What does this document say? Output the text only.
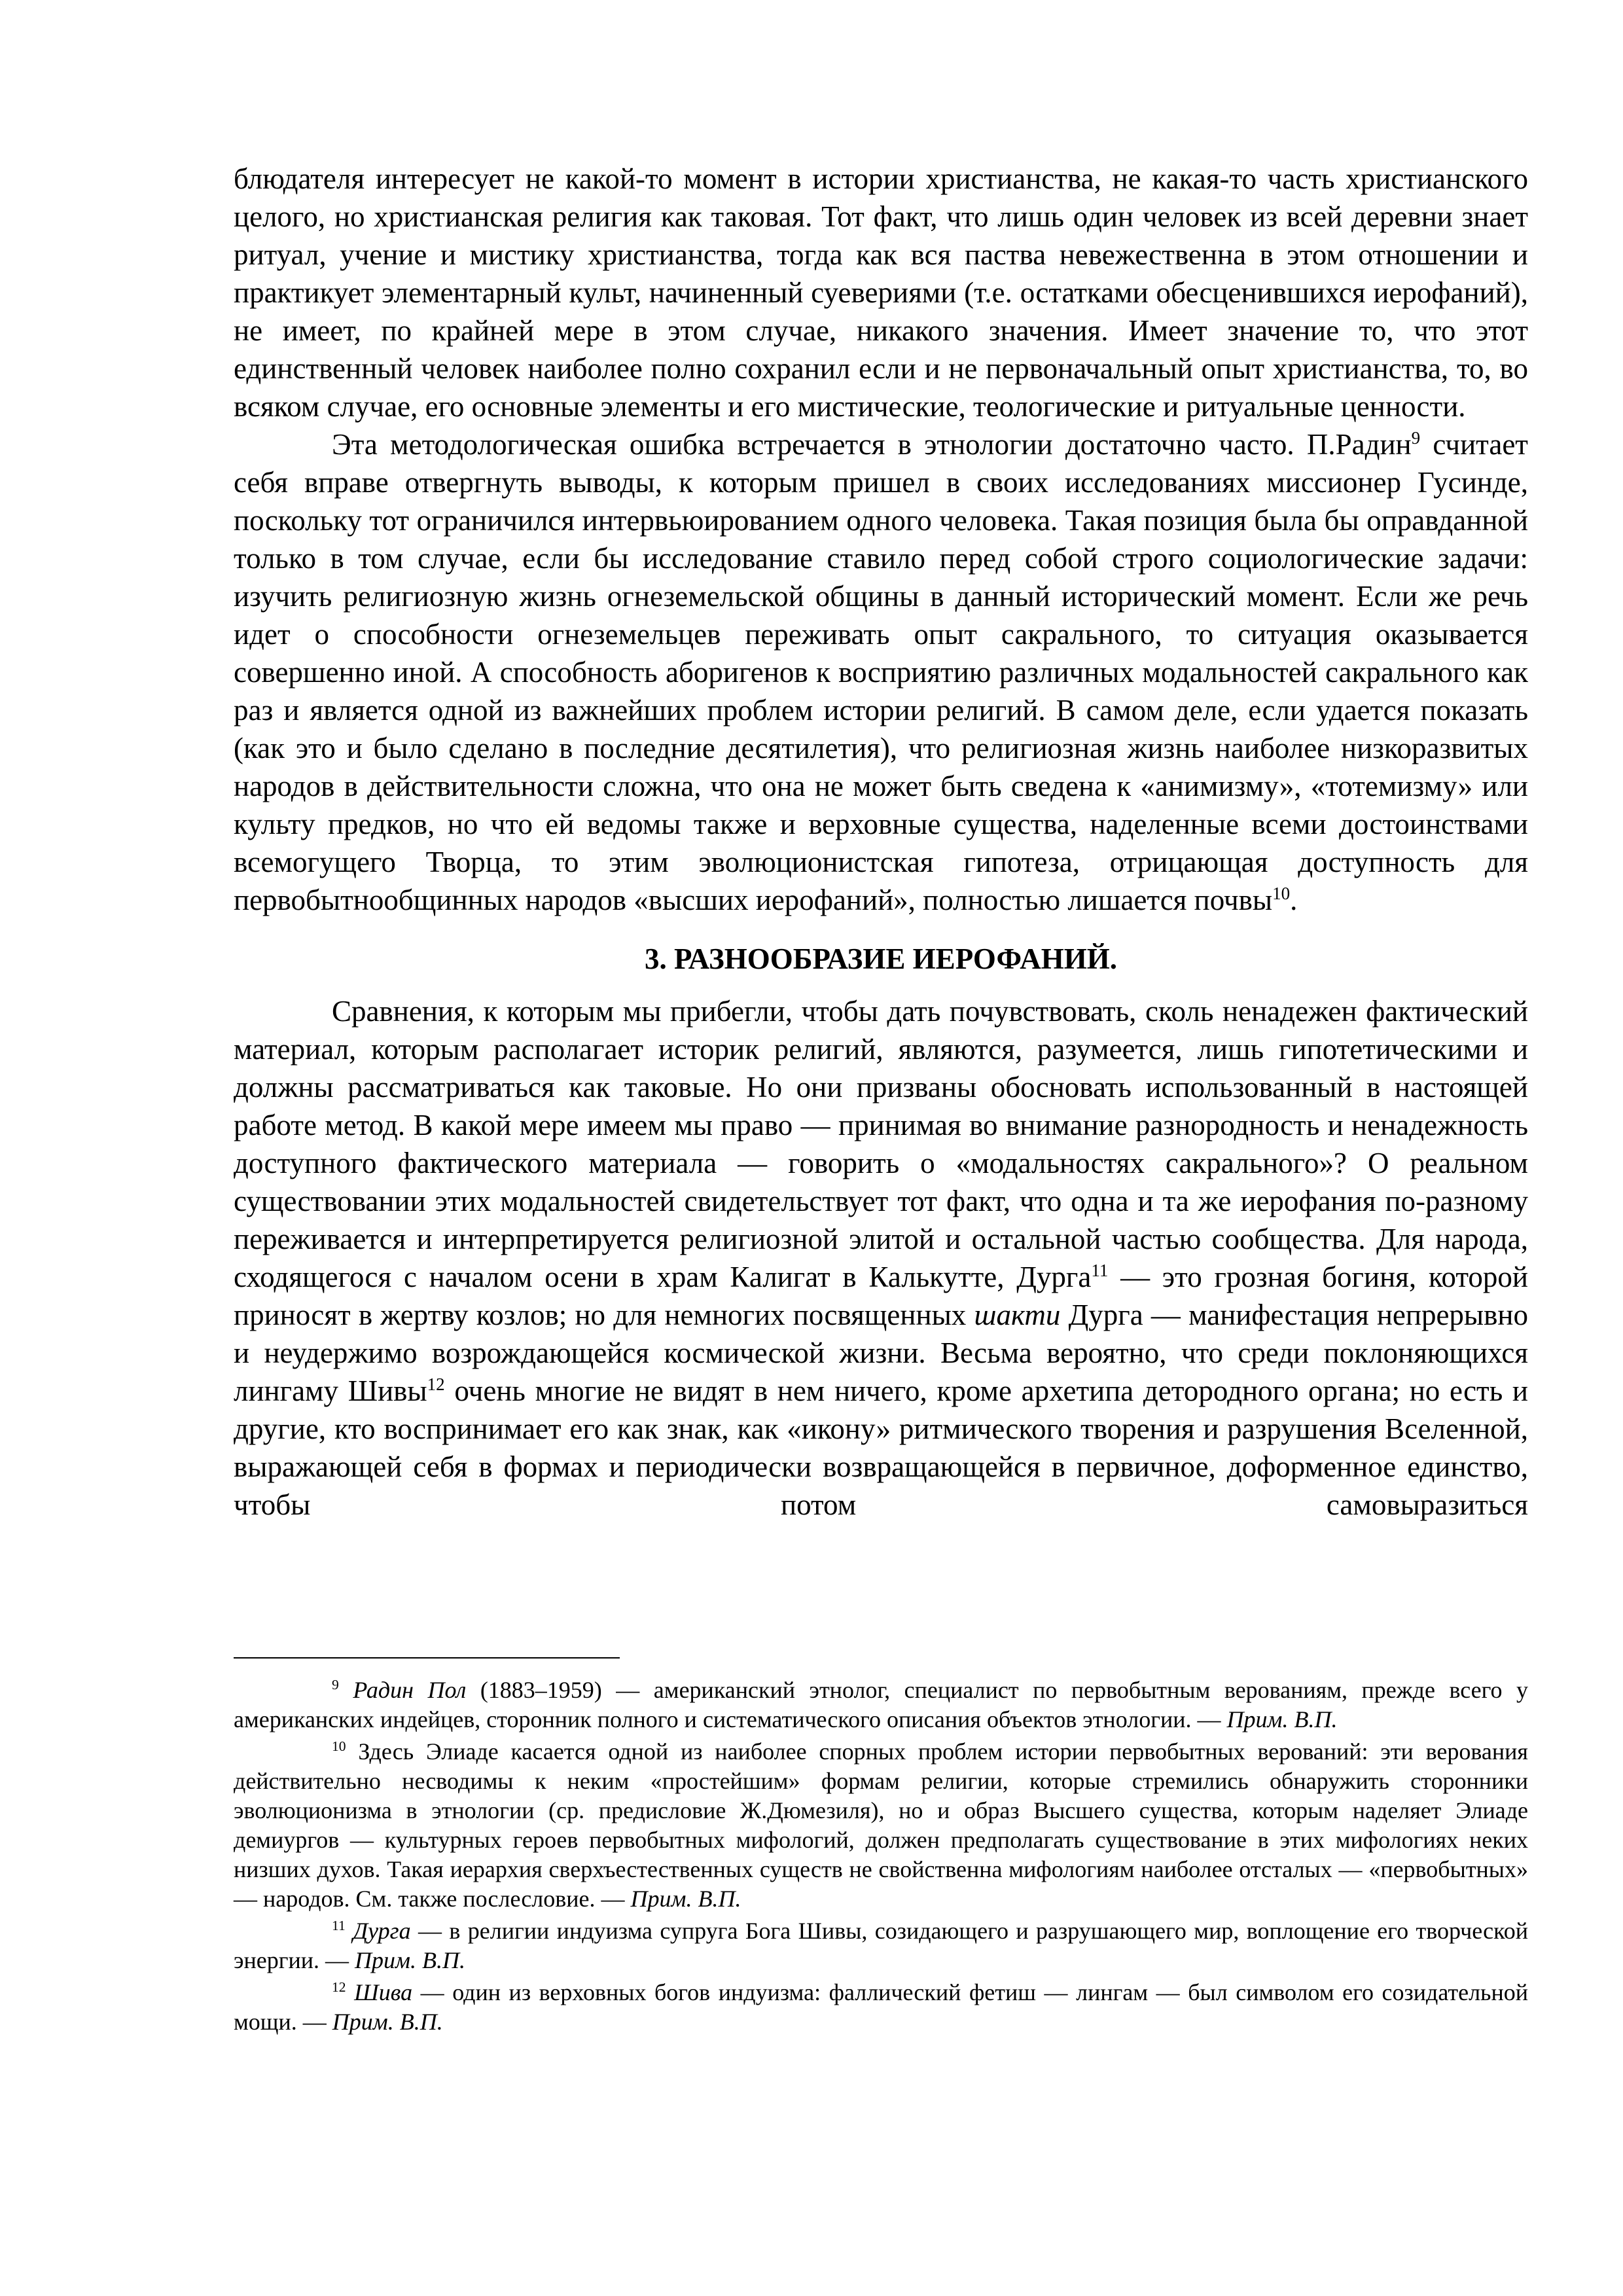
блюдателя интересует не какой-то момент в истории христианства, не какая-то часть христианского целого, но христианская религия как таковая. Тот факт, что лишь один человек из всей деревни знает ритуал, учение и мистику христианства, тогда как вся паства невежественна в этом отношении и практикует элементарный культ, начиненный суевериями (т.е. остатками обесценившихся иерофаний), не имеет, по крайней мере в этом случае, никакого значения. Имеет значение то, что этот единственный человек наиболее полно сохранил если и не первоначальный опыт христианства, то, во всяком случае, его основные элементы и его мистические, теологические и ритуальные ценности.

Эта методологическая ошибка встречается в этнологии достаточно часто. П.Радин$^9$ считает себя вправе отвергнуть выводы, к которым пришел в своих исследованиях миссионер Гусинде, поскольку тот ограничился интервьюированием одного человека. Такая позиция была бы оправданной только в том случае, если бы исследование ставило перед собой строго социологические задачи: изучить религиозную жизнь огнеземельской общины в данный исторический момент. Если же речь идет о способности огнеземельцев переживать опыт сакрального, то ситуация оказывается совершенно иной. А способность аборигенов к восприятию различных модальностей сакрального как раз и является одной из важнейших проблем истории религий. В самом деле, если удается показать (как это и было сделано в последние десятилетия), что религиозная жизнь наиболее низкоразвитых народов в действительности сложна, что она не может быть сведена к «анимизму», «тотемизму» или культу предков, но что ей ведомы также и верховные существа, наделенные всеми достоинствами всемогущего Творца, то этим эволюционистская гипотеза, отрицающая доступность для первобытнообщинных народов «высших иерофаний», полностью лишается почвы$^{10}$.

3. РАЗНООБРАЗИЕ ИЕРОФАНИЙ.

Сравнения, к которым мы прибегли, чтобы дать почувствовать, сколь ненадежен фактический материал, которым располагает историк религий, являются, разумеется, лишь гипотетическими и должны рассматриваться как таковые. Но они призваны обосновать использованный в настоящей работе метод. В какой мере имеем мы право — принимая во внимание разнородность и ненадежность доступного фактического материала — говорить о «модальностях сакрального»? О реальном существовании этих модальностей свидетельствует тот факт, что одна и та же иерофания по-разному переживается и интерпретируется религиозной элитой и остальной частью сообщества. Для народа, сходящегося с началом осени в храм Калигат в Калькутте, Дурга$^{11}$ — это грозная богиня, которой приносят в жертву козлов; но для немногих посвященных шакти Дурга — манифестация непрерывно и неудержимо возрождающейся космической жизни. Весьма вероятно, что среди поклоняющихся лингаму Шивы$^{12}$ очень многие не видят в нем ничего, кроме архетипа детородного органа; но есть и другие, кто воспринимает его как знак, как «икону» ритмического творения и разрушения Вселенной, выражающей себя в формах и периодически возвращающейся в первичное, доформенное единство, чтобы потом самовыразиться

$^9$ Радин Пол (1883–1959) — американский этнолог, специалист по первобытным верованиям, прежде всего у американских индейцев, сторонник полного и систематического описания объектов этнологии. — Прим. В.П.

$^{10}$ Здесь Элиаде касается одной из наиболее спорных проблем истории первобытных верований: эти верования действительно несводимы к неким «простейшим» формам религии, которые стремились обнаружить сторонники эволюционизма в этнологии (ср. предисловие Ж.Дюмезиля), но и образ Высшего существа, которым наделяет Элиаде демиургов — культурных героев первобытных мифологий, должен предполагать существование в этих мифологиях неких низших духов. Такая иерархия сверхъестественных существ не свойственна мифологиям наиболее отсталых — «первобытных» — народов. См. также послесловие. — Прим. В.П.

$^{11}$ Дурга — в религии индуизма супруга Бога Шивы, созидающего и разрушающего мир, воплощение его творческой энергии. — Прим. В.П.

$^{12}$ Шива — один из верховных богов индуизма: фаллический фетиш — лингам — был символом его созидательной мощи. — Прим. В.П.
